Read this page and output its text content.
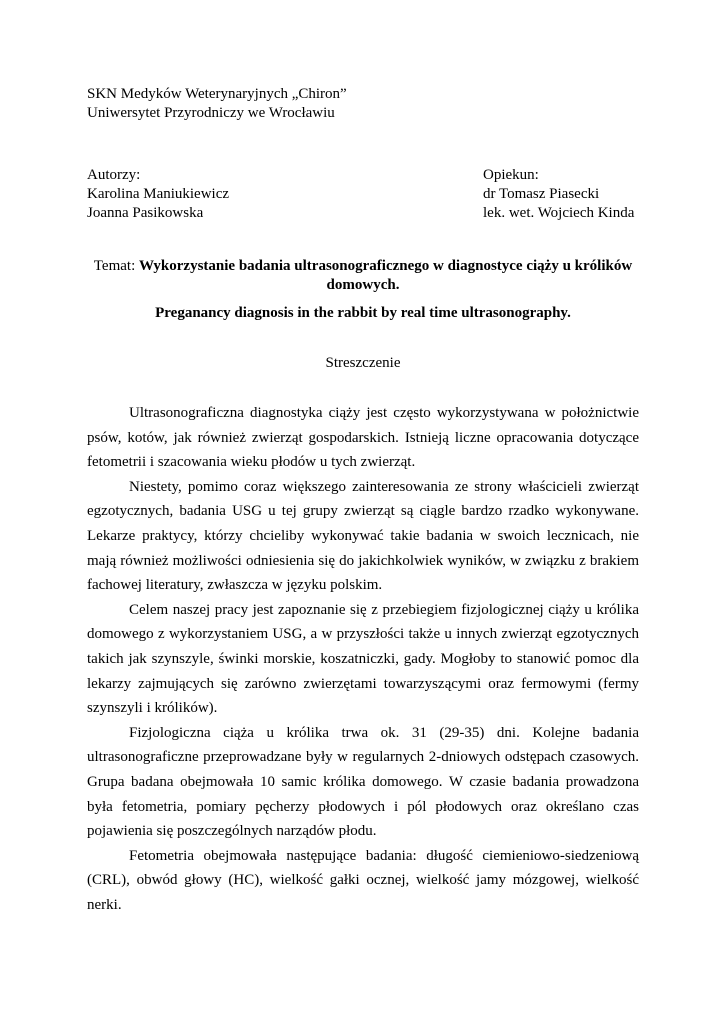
SKN Medyków Weterynaryjnych „Chiron”
Uniwersytet Przyrodniczy we Wrocławiu
Autorzy:
Karolina Maniukiewicz
Joanna Pasikowska
Opiekun:
dr Tomasz Piasecki
lek. wet. Wojciech Kinda
Temat: Wykorzystanie badania ultrasonograficznego w diagnostyce ciąży u królików domowych.
Preganancy diagnosis in the rabbit by real time ultrasonography.
Streszczenie

Ultrasonograficzna diagnostyka ciąży jest często wykorzystywana w położnictwie psów, kotów, jak również zwierząt gospodarskich. Istnieją liczne opracowania dotyczące fetometrii i szacowania wieku płodów u tych zwierząt.

Niestety, pomimo coraz większego zainteresowania ze strony właścicieli zwierząt egzotycznych, badania USG u tej grupy zwierząt są ciągle bardzo rzadko wykonywane. Lekarze praktycy, którzy chcieliby wykonywać takie badania w swoich lecznicach, nie mają również możliwości odniesienia się do jakichkolwiek wyników, w związku z brakiem fachowej literatury, zwłaszcza w języku polskim.

Celem naszej pracy jest zapoznanie się z przebiegiem fizjologicznej ciąży u królika domowego z wykorzystaniem USG, a w przyszłości także u innych zwierząt egzotycznych takich jak szynszyle, świnki morskie, koszatniczki, gady. Mogłoby to stanowić pomoc dla lekarzy zajmujących się zarówno zwierzętami towarzyszącymi oraz fermowymi (fermy szynszyli i królików).

Fizjologiczna ciąża u królika trwa ok. 31 (29-35) dni. Kolejne badania ultrasonograficzne przeprowadzane były w regularnych 2-dniowych odstępach czasowych. Grupa badana obejmowała 10 samic królika domowego. W czasie badania prowadzona była fetometria, pomiary pęcherzy płodowych i pól płodowych oraz określano czas pojawienia się poszczególnych narządów płodu.

Fetometria obejmowała następujące badania: długość ciemieniowo-siedzeniową (CRL), obwód głowy (HC), wielkość gałki ocznej, wielkość jamy mózgowej, wielkość nerki.
